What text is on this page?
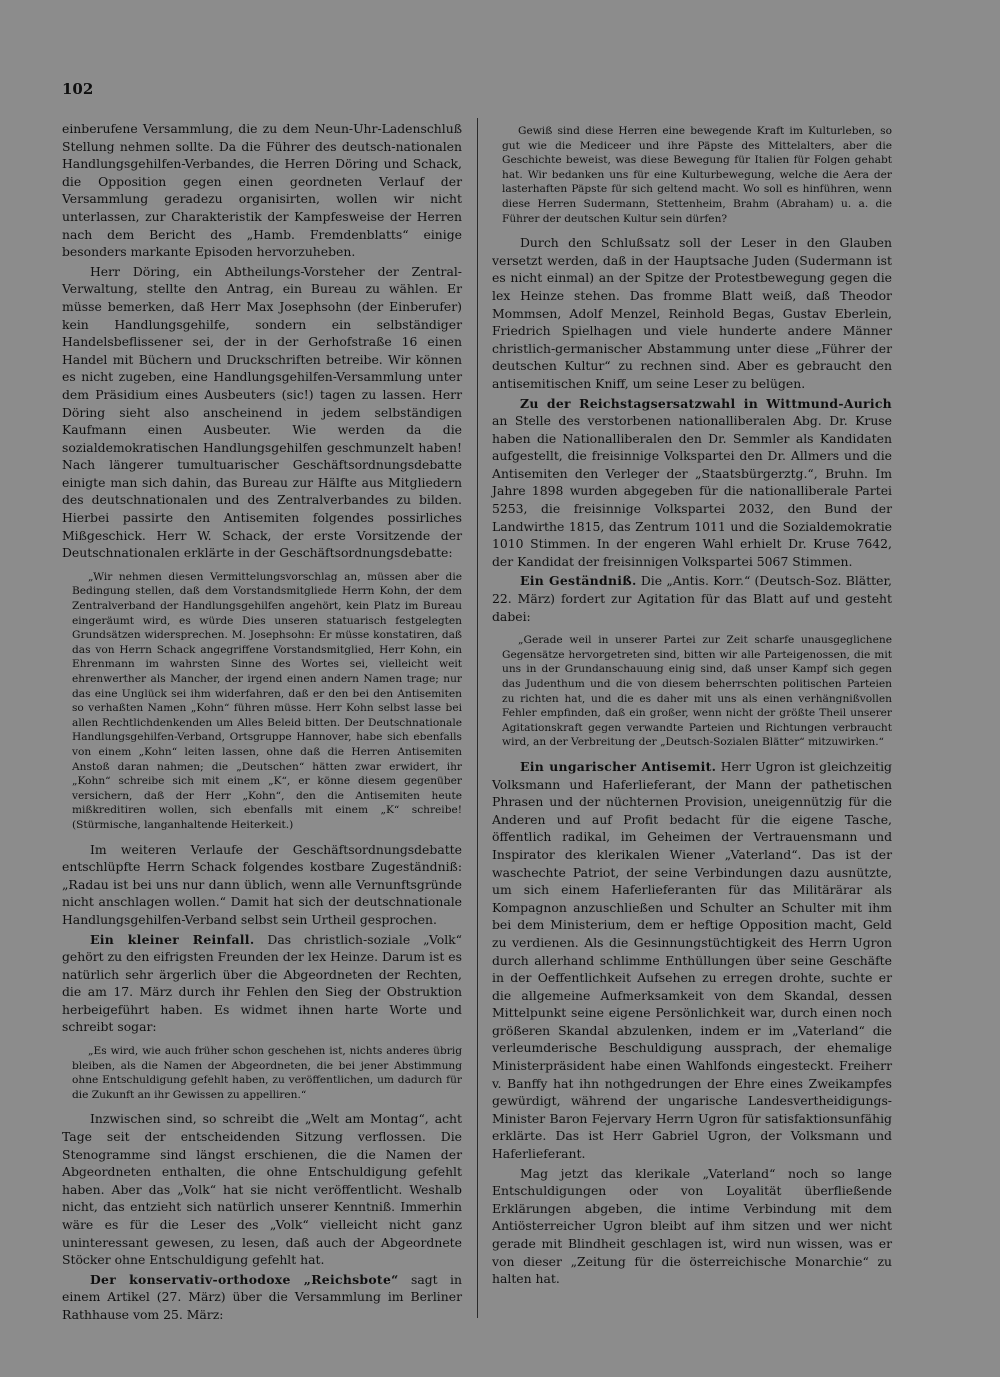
102

einberufene Versammlung, die zu dem Neun-Uhr-Ladenschluß Stellung nehmen sollte. Da die Führer des deutsch-nationalen Handlungsgehilfen-Verbandes, die Herren Döring und Schack, die Opposition gegen einen geordneten Verlauf der Versammlung geradezu organisirten, wollen wir nicht unterlassen, zur Charakteristik der Kampfesweise der Herren nach dem Bericht des „Hamb. Fremdenblatts“ einige besonders markante Episoden hervorzuheben.

Herr Döring, ein Abtheilungs-Vorsteher der Zentral-Verwaltung, stellte den Antrag, ein Bureau zu wählen. Er müsse bemerken, daß Herr Max Josephsohn (der Einberufer) kein Handlungsgehilfe, sondern ein selbständiger Handelsbeflissener sei, der in der Gerhofstraße 16 einen Handel mit Büchern und Druckschriften betreibe. Wir können es nicht zugeben, eine Handlungsgehilfen-Versammlung unter dem Präsidium eines Ausbeuters (sic!) tagen zu lassen. Herr Döring sieht also anscheinend in jedem selbständigen Kaufmann einen Ausbeuter. Wie werden da die sozialdemokratischen Handlungsgehilfen geschmunzelt haben! Nach längerer tumultuarischer Geschäftsordnungsdebatte einigte man sich dahin, das Bureau zur Hälfte aus Mitgliedern des deutschnationalen und des Zentralverbandes zu bilden. Hierbei passirte den Antisemiten folgendes possirliches Mißgeschick. Herr W. Schack, der erste Vorsitzende der Deutschnationalen erklärte in der Geschäftsordnungsdebatte:

„Wir nehmen diesen Vermittelungsvorschlag an, müssen aber die Bedingung stellen, daß dem Vorstandsmitgliede Herrn Kohn, der dem Zentralverband der Handlungsgehilfen angehört, kein Platz im Bureau eingeräumt wird, es würde Dies unseren statuarisch festgelegten Grundsätzen widersprechen. M. Josephsohn: Er müsse konstatiren, daß das von Herrn Schack angegriffene Vorstandsmitglied, Herr Kohn, ein Ehrenmann im wahrsten Sinne des Wortes sei, vielleicht weit ehrenwerther als Mancher, der irgend einen andern Namen trage; nur das eine Unglück sei ihm widerfahren, daß er den bei den Antisemiten so verhaßten Namen „Kohn“ führen müsse. Herr Kohn selbst lasse bei allen Rechtlichdenkenden um Alles Beleid bitten. Der Deutschnationale Handlungsgehilfen-Verband, Ortsgruppe Hannover, habe sich ebenfalls von einem „Kohn“ leiten lassen, ohne daß die Herren Antisemiten Anstoß daran nahmen; die „Deutschen“ hätten zwar erwidert, ihr „Kohn“ schreibe sich mit einem „K“, er könne diesem gegenüber versichern, daß der Herr „Kohn“, den die Antisemiten heute mißkreditiren wollen, sich ebenfalls mit einem „K“ schreibe! (Stürmische, langanhaltende Heiterkeit.)

Im weiteren Verlaufe der Geschäftsordnungsdebatte entschlüpfte Herrn Schack folgendes kostbare Zugeständniß: „Radau ist bei uns nur dann üblich, wenn alle Vernunftsgründe nicht anschlagen wollen.“ Damit hat sich der deutschnationale Handlungsgehilfen-Verband selbst sein Urtheil gesprochen.

Ein kleiner Reinfall. Das christlich-soziale „Volk“ gehört zu den eifrigsten Freunden der lex Heinze. Darum ist es natürlich sehr ärgerlich über die Abgeordneten der Rechten, die am 17. März durch ihr Fehlen den Sieg der Obstruktion herbeigeführt haben. Es widmet ihnen harte Worte und schreibt sogar:

„Es wird, wie auch früher schon geschehen ist, nichts anderes übrig bleiben, als die Namen der Abgeordneten, die bei jener Abstimmung ohne Entschuldigung gefehlt haben, zu veröffentlichen, um dadurch für die Zukunft an ihr Gewissen zu appelliren.“

Inzwischen sind, so schreibt die „Welt am Montag“, acht Tage seit der entscheidenden Sitzung verflossen. Die Stenogramme sind längst erschienen, die die Namen der Abgeordneten enthalten, die ohne Entschuldigung gefehlt haben. Aber das „Volk“ hat sie nicht veröffentlicht. Weshalb nicht, das entzieht sich natürlich unserer Kenntniß. Immerhin wäre es für die Leser des „Volk“ vielleicht nicht ganz uninteressant gewesen, zu lesen, daß auch der Abgeordnete Stöcker ohne Entschuldigung gefehlt hat.

Der konservativ-orthodoxe „Reichsbote“ sagt in einem Artikel (27. März) über die Versammlung im Berliner Rathhause vom 25. März:

Gewiß sind diese Herren eine bewegende Kraft im Kulturleben, so gut wie die Mediceer und ihre Päpste des Mittelalters, aber die Geschichte beweist, was diese Bewegung für Italien für Folgen gehabt hat. Wir bedanken uns für eine Kulturbewegung, welche die Aera der lasterhaften Päpste für sich geltend macht. Wo soll es hinführen, wenn diese Herren Sudermann, Stettenheim, Brahm (Abraham) u. a. die Führer der deutschen Kultur sein dürfen?

Durch den Schlußsatz soll der Leser in den Glauben versetzt werden, daß in der Hauptsache Juden (Sudermann ist es nicht einmal) an der Spitze der Protestbewegung gegen die lex Heinze stehen. Das fromme Blatt weiß, daß Theodor Mommsen, Adolf Menzel, Reinhold Begas, Gustav Eberlein, Friedrich Spielhagen und viele hunderte andere Männer christlich-germanischer Abstammung unter diese „Führer der deutschen Kultur“ zu rechnen sind. Aber es gebraucht den antisemitischen Kniff, um seine Leser zu belügen.

Zu der Reichstagsersatzwahl in Wittmund-Aurich an Stelle des verstorbenen nationalliberalen Abg. Dr. Kruse haben die Nationalliberalen den Dr. Semmler als Kandidaten aufgestellt, die freisinnige Volkspartei den Dr. Allmers und die Antisemiten den Verleger der „Staatsbürgerztg.“, Bruhn. Im Jahre 1898 wurden abgegeben für die nationalliberale Partei 5253, die freisinnige Volkspartei 2032, den Bund der Landwirthe 1815, das Zentrum 1011 und die Sozialdemokratie 1010 Stimmen. In der engeren Wahl erhielt Dr. Kruse 7642, der Kandidat der freisinnigen Volkspartei 5067 Stimmen.

Ein Geständniß. Die „Antis. Korr.“ (Deutsch-Soz. Blätter, 22. März) fordert zur Agitation für das Blatt auf und gesteht dabei:

„Gerade weil in unserer Partei zur Zeit scharfe unausgeglichene Gegensätze hervorgetreten sind, bitten wir alle Parteigenossen, die mit uns in der Grundanschauung einig sind, daß unser Kampf sich gegen das Judenthum und die von diesem beherrschten politischen Parteien zu richten hat, und die es daher mit uns als einen verhängnißvollen Fehler empfinden, daß ein großer, wenn nicht der größte Theil unserer Agitationskraft gegen verwandte Parteien und Richtungen verbraucht wird, an der Verbreitung der „Deutsch-Sozialen Blätter“ mitzuwirken.“

Ein ungarischer Antisemit. Herr Ugron ist gleichzeitig Volksmann und Haferlieferant, der Mann der pathetischen Phrasen und der nüchternen Provision, uneigennützig für die Anderen und auf Profit bedacht für die eigene Tasche, öffentlich radikal, im Geheimen der Vertrauensmann und Inspirator des klerikalen Wiener „Vaterland“. Das ist der waschechte Patriot, der seine Verbindungen dazu ausnützte, um sich einem Haferlieferanten für das Militärärar als Kompagnon anzuschließen und Schulter an Schulter mit ihm bei dem Ministerium, dem er heftige Opposition macht, Geld zu verdienen. Als die Gesinnungstüchtigkeit des Herrn Ugron durch allerhand schlimme Enthüllungen über seine Geschäfte in der Oeffentlichkeit Aufsehen zu erregen drohte, suchte er die allgemeine Aufmerksamkeit von dem Skandal, dessen Mittelpunkt seine eigene Persönlichkeit war, durch einen noch größeren Skandal abzulenken, indem er im „Vaterland“ die verleumderische Beschuldigung aussprach, der ehemalige Ministerpräsident habe einen Wahlfonds eingesteckt. Freiherr v. Banffy hat ihn nothgedrungen der Ehre eines Zweikampfes gewürdigt, während der ungarische Landesvertheidigungs-Minister Baron Fejervary Herrn Ugron für satisfaktionsunfähig erklärte. Das ist Herr Gabriel Ugron, der Volksmann und Haferlieferant.

Mag jetzt das klerikale „Vaterland“ noch so lange Entschuldigungen oder von Loyalität überfließende Erklärungen abgeben, die intime Verbindung mit dem Antiösterreicher Ugron bleibt auf ihm sitzen und wer nicht gerade mit Blindheit geschlagen ist, wird nun wissen, was er von dieser „Zeitung für die österreichische Monarchie“ zu halten hat.
